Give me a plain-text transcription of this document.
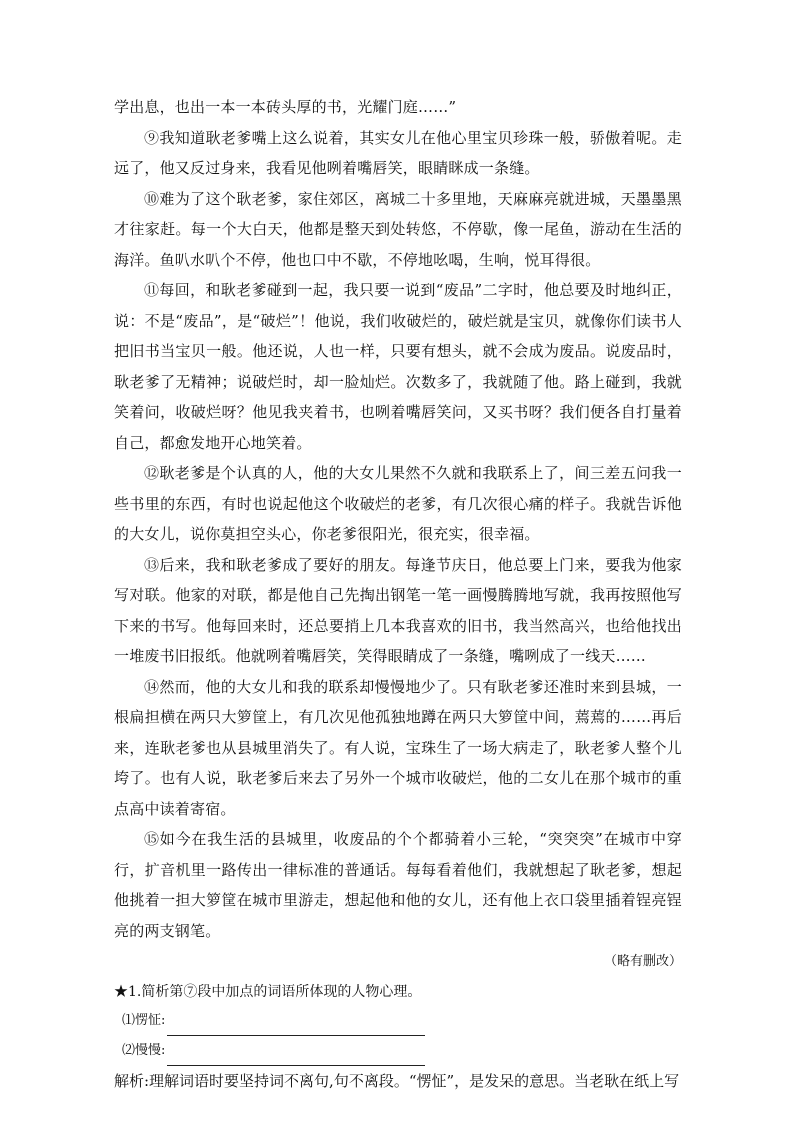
学出息，也出一本一本砖头厚的书，光耀门庭……”

⑨我知道耿老爹嘴上这么说着，其实女儿在他心里宝贝珍珠一般，骄傲着呢。走远了，他又反过身来，我看见他咧着嘴唇笑，眼睛眯成一条缝。

⑩难为了这个耿老爹，家住郊区，离城二十多里地，天麻麻亮就进城，天墨墨黑才往家赶。每一个大白天，他都是整天到处转悠，不停歇，像一尾鱼，游动在生活的海洋。鱼叭水叭个不停，他也口中不歇，不停地吆喝，生响，悦耳得很。

⑪每回，和耿老爹碰到一起，我只要一说到“废品”二字时，他总要及时地纠正，说：不是“废品”，是“破烂”！他说，我们收破烂的，破烂就是宝贝，就像你们读书人把旧书当宝贝一般。他还说，人也一样，只要有想头，就不会成为废品。说废品时，耿老爹了无精神；说破烂时，却一脸灿烂。次数多了，我就随了他。路上碰到，我就笑着问，收破烂呀？他见我夹着书，也咧着嘴唇笑问，又买书呀？我们便各自打量着自己，都愈发地开心地笑着。

⑫耿老爹是个认真的人，他的大女儿果然不久就和我联系上了，间三差五问我一些书里的东西，有时也说起他这个收破烂的老爹，有几次很心痛的样子。我就告诉他的大女儿，说你莫担空头心，你老爹很阳光，很充实，很幸福。

⑬后来，我和耿老爹成了要好的朋友。每逢节庆日，他总要上门来，要我为他家写对联。他家的对联，都是他自己先掏出钢笔一笔一画慢腾腾地写就，我再按照他写下来的书写。他每回来时，还总要捎上几本我喜欢的旧书，我当然高兴，也给他找出一堆废书旧报纸。他就咧着嘴唇笑，笑得眼睛成了一条缝，嘴咧成了一线天……

⑭然而，他的大女儿和我的联系却慢慢地少了。只有耿老爹还准时来到县城，一根扁担横在两只大箩筐上，有几次见他孤独地蹲在两只大箩筐中间，蔫蔫的……再后来，连耿老爹也从县城里消失了。有人说，宝珠生了一场大病走了，耿老爹人整个儿垮了。也有人说，耿老爹后来去了另外一个城市收破烂，他的二女儿在那个城市的重点高中读着寄宿。

⑮如今在我生活的县城里，收废品的个个都骑着小三轮，“突突突”在城市中穿行，扩音机里一路传出一律标准的普通话。每每看着他们，我就想起了耿老爹，想起他挑着一担大箩筐在城市里游走，想起他和他的女儿，还有他上衣口袋里插着锃亮锃亮的两支钢笔。

（略有删改）

★1.简析第⑦段中加点的词语所体现的人物心理。

⑴愣怔:
⑵慢慢:

解析:理解词语时要坚持词不离句,句不离段。“愣怔”，是发呆的意思。当老耿在纸上写
